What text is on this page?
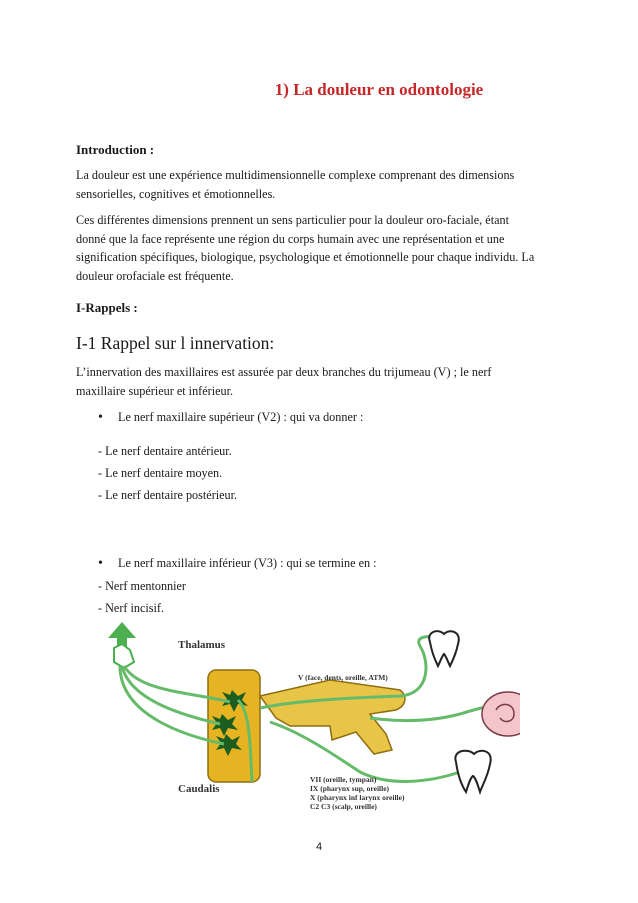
1) La douleur en odontologie
Introduction :
La douleur est une expérience multidimensionnelle complexe comprenant des dimensions
sensorielles, cognitives et émotionnelles.
Ces différentes dimensions prennent un sens particulier pour la douleur oro-faciale, étant
donné que la face représente une région du corps humain avec une représentation et une
signification spécifiques, biologique, psychologique et émotionnelle pour chaque individu. La
douleur orofaciale est fréquente.
I-Rappels :
I-1 Rappel sur l innervation:
L’innervation des maxillaires est assurée par deux branches du trijumeau (V) ; le nerf
maxillaire supérieur et inférieur.
• Le nerf maxillaire supérieur (V2) : qui va donner :
- Le nerf dentaire antérieur.
- Le nerf dentaire moyen.
- Le nerf dentaire postérieur.
• Le nerf maxillaire inférieur (V3) : qui se termine en :
- Nerf mentonnier
- Nerf incisif.
Thalamus
Caudalis
V (face, dents, oreille, ATM)
VII (oreille, tympan)
IX (pharynx sup, oreille)
X (pharynx inf larynx oreille)
C2 C3 (scalp, oreille)
4
